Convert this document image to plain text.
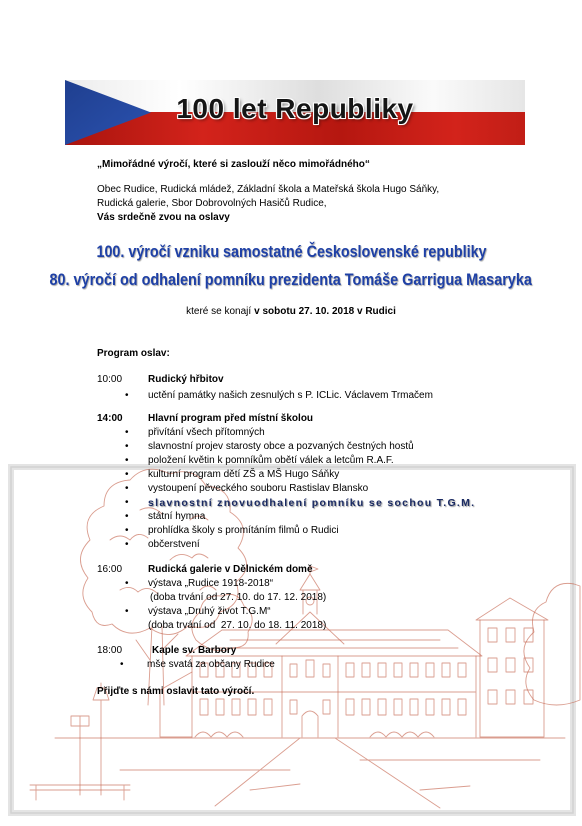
100 let Republiky
„Mimořádné výročí, které si zaslouží něco mimořádného“
Obec Rudice, Rudická mládež, Základní škola a Mateřská škola Hugo Sáňky,
Rudická galerie, Sbor Dobrovolných Hasičů Rudice,
Vás srdečně zvou na oslavy
100. výročí vzniku samostatné Československé republiky
80. výročí od odhalení pomníku prezidenta Tomáše Garrigua Masaryka
které se konají v sobotu 27. 10. 2018 v Rudici
Program oslav:
10:00	Rudický hřbitov
•
uctění památky našich zesnulých s P. ICLic. Václavem Trmačem
14:00	Hlavní program před místní školou
•
přivítání všech přítomných
•
slavnostní projev starosty obce a pozvaných čestných hostů
•
položení květin k pomníkům obětí válek a letcům R.A.F.
•
kulturní program dětí ZŠ a MŠ Hugo Sáňky
•
vystoupení pěveckého souboru Rastislav Blansko
•
slavnostní znovuodhalení pomníku se sochou T.G.M.
•
státní hymna
•
prohlídka školy s promítáním filmů o Rudici
•
občerstvení
16:00	Rudická galerie v Dělnickém domě
•
výstava „Rudice 1918-2018“
(doba trvání od 27. 10. do 17. 12. 2018)
•
výstava „Druhý život T.G.M“
(doba trvání od  27. 10. do 18. 11. 2018)
18:00	Kaple sv. Barbory
•
mše svatá za občany Rudice
Přijďte s námi oslavit tato výročí.
